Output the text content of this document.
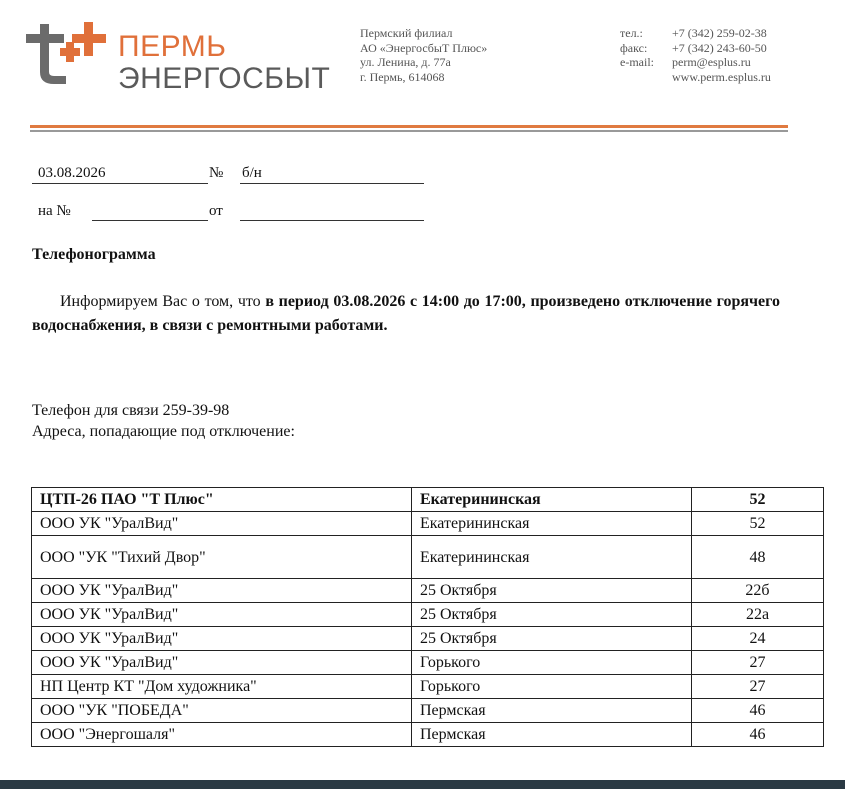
ПЕРМЬ
ЭНЕРГОСБЫТ
Пермский филиал
АО «ЭнергосбыТ Плюс»
ул. Ленина, д. 77а
г. Пермь, 614068
тел.:	+7 (342) 259-02-38
факс:	+7 (342) 243-60-50
e-mail:	perm@esplus.ru
www.perm.esplus.ru
03.08.2026	№ б/н
на №	от
Телефонограмма
Информируем Вас о том, что в период 03.08.2026 с 14:00 до 17:00, произведено отключение горячего водоснабжения, в связи с ремонтными работами.
Телефон для связи 259-39-98
Адреса, попадающие под отключение:
ЦТП-26 ПАО "Т Плюс"	Екатерининская	52
ООО УК "УралВид"	Екатерининская	52
ООО "УК "Тихий Двор"	Екатерининская	48
ООО УК "УралВид"	25 Октября	22б
ООО УК "УралВид"	25 Октября	22а
ООО УК "УралВид"	25 Октября	24
ООО УК "УралВид"	Горького	27
НП Центр КТ "Дом художника"	Горького	27
ООО "УК "ПОБЕДА"	Пермская	46
ООО "Энергошаля"	Пермская	46
